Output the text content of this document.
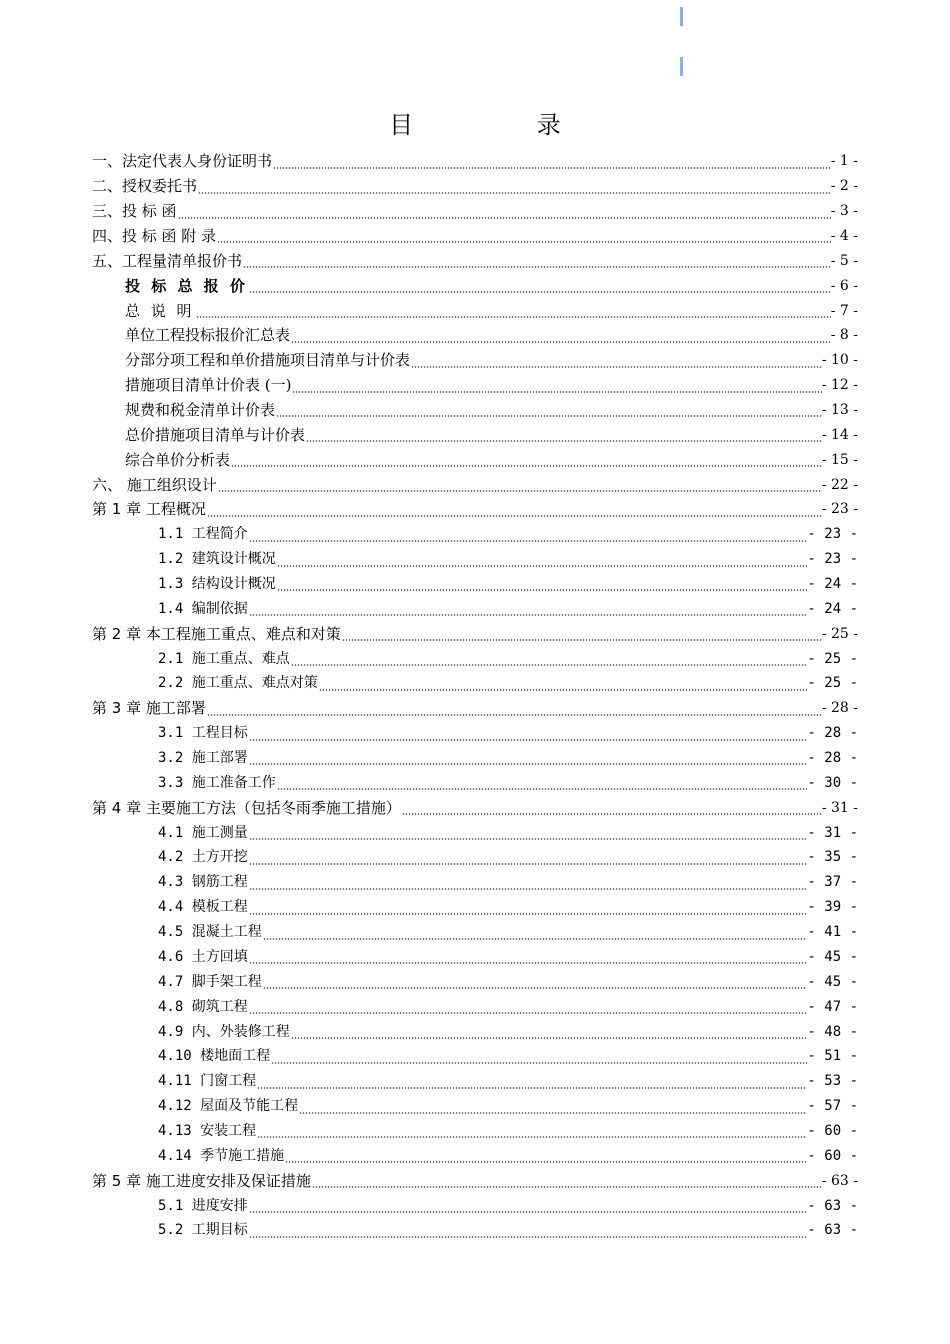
目 录
一、法定代表人身份证明书	- 1 -
二、授权委托书	- 2 -
三、投 标 函	- 3 -
四、投 标 函 附 录	- 4 -
五、工程量清单报价书	- 5 -
投 标 总 报 价	- 6 -
总 说 明	- 7 -
单位工程投标报价汇总表	- 8 -
分部分项工程和单价措施项目清单与计价表	- 10 -
措施项目清单计价表 (一)	- 12 -
规费和税金清单计价表	- 13 -
总价措施项目清单与计价表	- 14 -
综合单价分析表	- 15 -
六、 施工组织设计	- 22 -
第 1 章 工程概况	- 23 -
1.1 工程简介	- 23 -
1.2 建筑设计概况	- 23 -
1.3 结构设计概况	- 24 -
1.4 编制依据	- 24 -
第 2 章 本工程施工重点、难点和对策	- 25 -
2.1 施工重点、难点	- 25 -
2.2 施工重点、难点对策	- 25 -
第 3 章 施工部署	- 28 -
3.1 工程目标	- 28 -
3.2 施工部署	- 28 -
3.3 施工准备工作	- 30 -
第 4 章 主要施工方法（包括冬雨季施工措施）	- 31 -
4.1 施工测量	- 31 -
4.2 土方开挖	- 35 -
4.3 钢筋工程	- 37 -
4.4 模板工程	- 39 -
4.5 混凝土工程	- 41 -
4.6 土方回填	- 45 -
4.7 脚手架工程	- 45 -
4.8 砌筑工程	- 47 -
4.9 内、外装修工程	- 48 -
4.10 楼地面工程	- 51 -
4.11 门窗工程	- 53 -
4.12 屋面及节能工程	- 57 -
4.13 安装工程	- 60 -
4.14 季节施工措施	- 60 -
第 5 章 施工进度安排及保证措施	- 63 -
5.1 进度安排	- 63 -
5.2 工期目标	- 63 -
